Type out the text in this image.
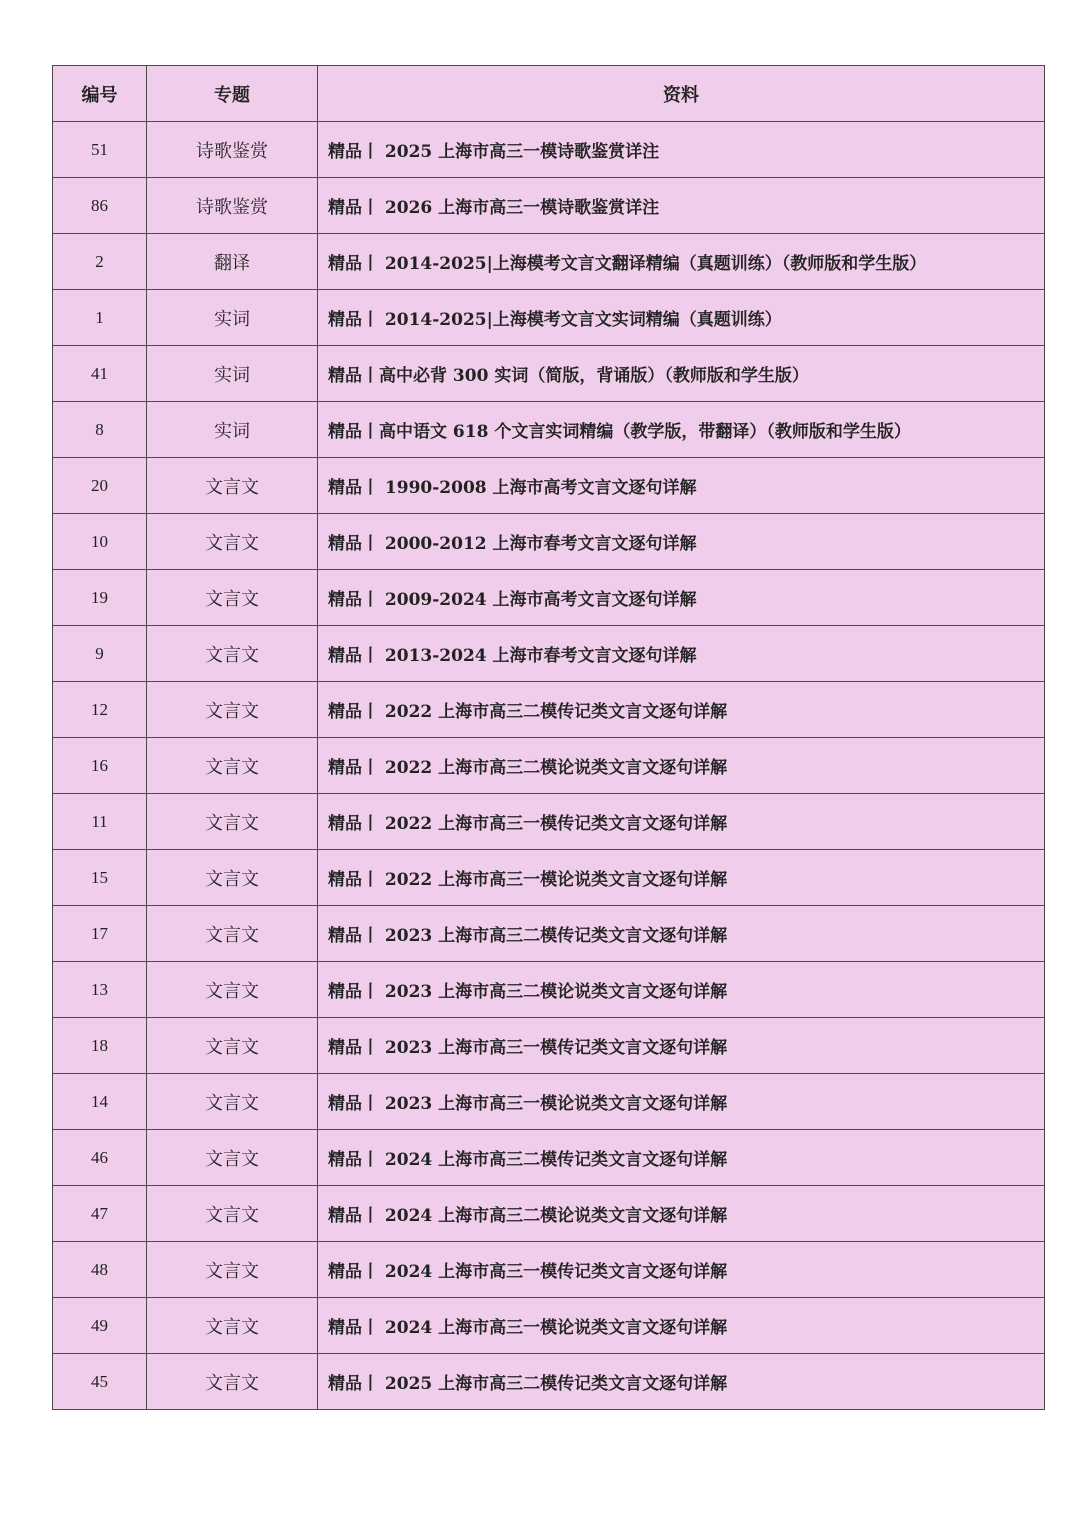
编号	专题	资料
51	诗歌鉴赏	精品丨 2025 上海市高三一模诗歌鉴赏详注
86	诗歌鉴赏	精品丨 2026 上海市高三一模诗歌鉴赏详注
2	翻译	精品丨 2014-2025|上海模考文言文翻译精编（真题训练）（教师版和学生版）
1	实词	精品丨 2014-2025|上海模考文言文实词精编（真题训练）
41	实词	精品丨高中必背 300 实词（简版，背诵版）（教师版和学生版）
8	实词	精品丨高中语文 618 个文言实词精编（教学版，带翻译）（教师版和学生版）
20	文言文	精品丨 1990-2008 上海市高考文言文逐句详解
10	文言文	精品丨 2000-2012 上海市春考文言文逐句详解
19	文言文	精品丨 2009-2024 上海市高考文言文逐句详解
9	文言文	精品丨 2013-2024 上海市春考文言文逐句详解
12	文言文	精品丨 2022 上海市高三二模传记类文言文逐句详解
16	文言文	精品丨 2022 上海市高三二模论说类文言文逐句详解
11	文言文	精品丨 2022 上海市高三一模传记类文言文逐句详解
15	文言文	精品丨 2022 上海市高三一模论说类文言文逐句详解
17	文言文	精品丨 2023 上海市高三二模传记类文言文逐句详解
13	文言文	精品丨 2023 上海市高三二模论说类文言文逐句详解
18	文言文	精品丨 2023 上海市高三一模传记类文言文逐句详解
14	文言文	精品丨 2023 上海市高三一模论说类文言文逐句详解
46	文言文	精品丨 2024 上海市高三二模传记类文言文逐句详解
47	文言文	精品丨 2024 上海市高三二模论说类文言文逐句详解
48	文言文	精品丨 2024 上海市高三一模传记类文言文逐句详解
49	文言文	精品丨 2024 上海市高三一模论说类文言文逐句详解
45	文言文	精品丨 2025 上海市高三二模传记类文言文逐句详解
